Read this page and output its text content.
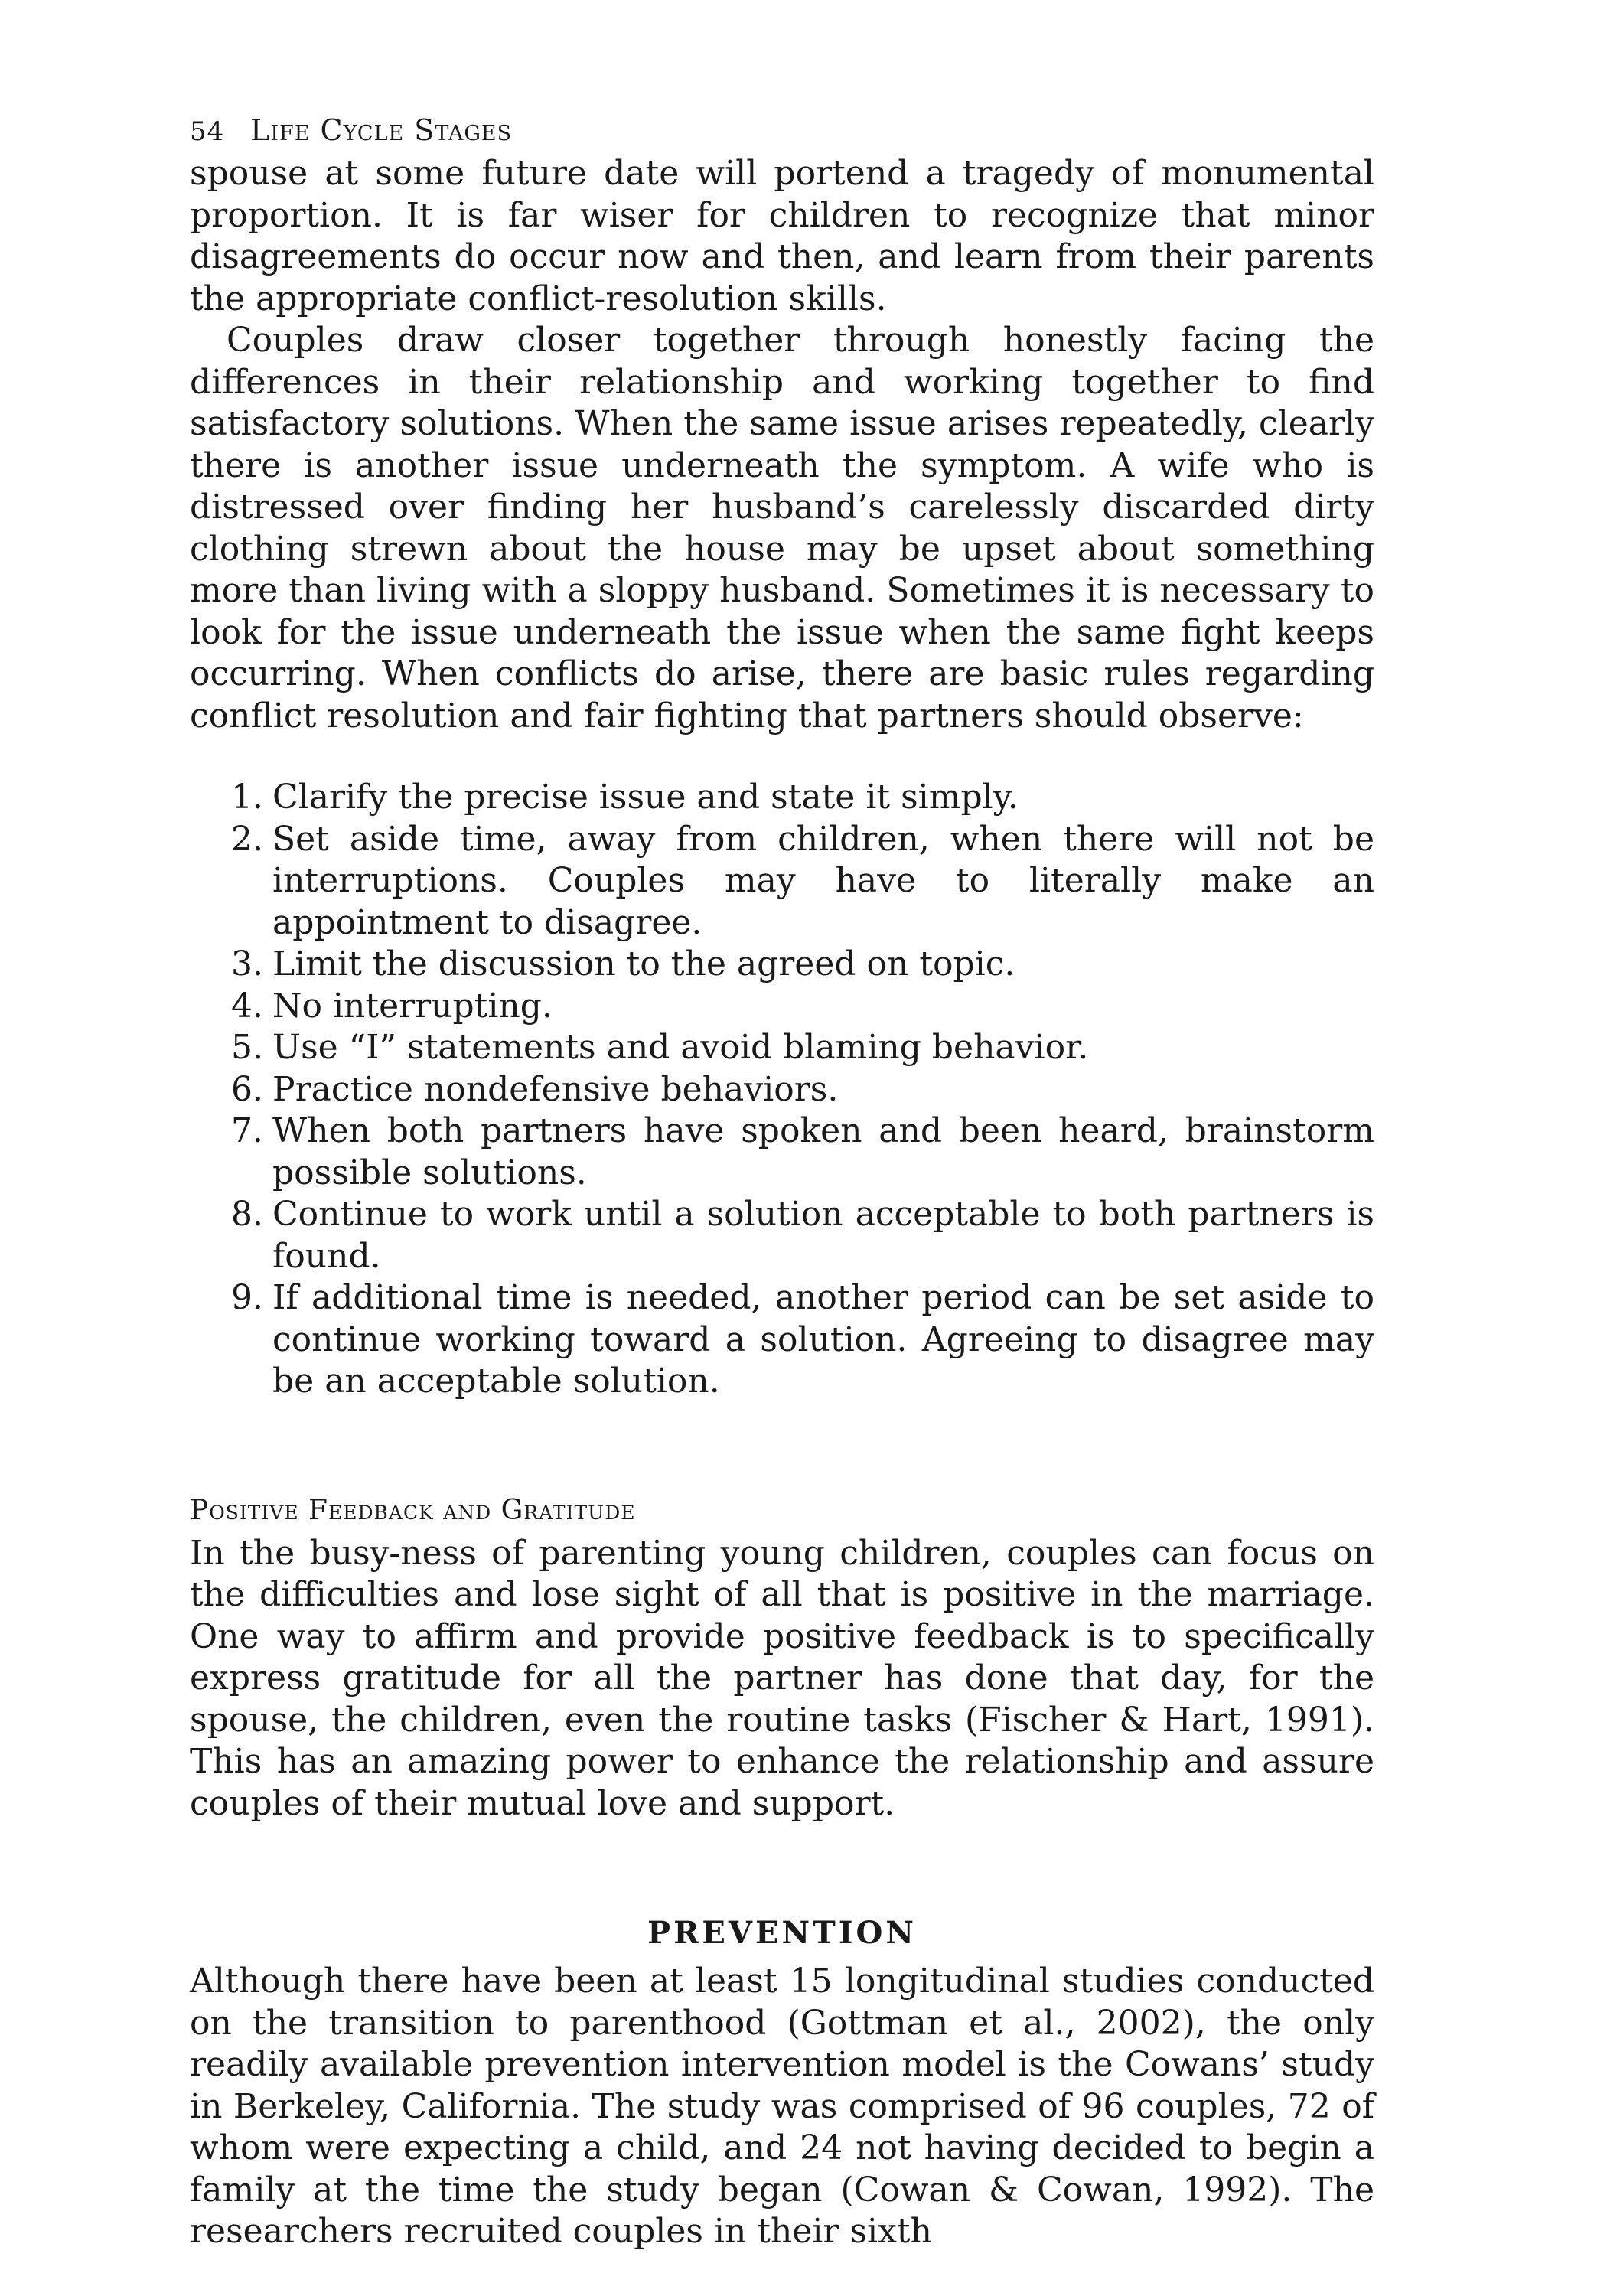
54 Life Cycle Stages

spouse at some future date will portend a tragedy of monumental proportion. It is far wiser for children to recognize that minor disagreements do occur now and then, and learn from their parents the appropriate conflict-resolution skills.

Couples draw closer together through honestly facing the differences in their relationship and working together to find satisfactory solutions. When the same issue arises repeatedly, clearly there is another issue underneath the symptom. A wife who is distressed over finding her husband’s carelessly discarded dirty clothing strewn about the house may be upset about something more than living with a sloppy husband. Sometimes it is necessary to look for the issue underneath the issue when the same fight keeps occurring. When conflicts do arise, there are basic rules regarding conflict resolution and fair fighting that partners should observe:

1. Clarify the precise issue and state it simply.
2. Set aside time, away from children, when there will not be interruptions. Couples may have to literally make an appointment to disagree.
3. Limit the discussion to the agreed on topic.
4. No interrupting.
5. Use “I” statements and avoid blaming behavior.
6. Practice nondefensive behaviors.
7. When both partners have spoken and been heard, brainstorm possible solutions.
8. Continue to work until a solution acceptable to both partners is found.
9. If additional time is needed, another period can be set aside to continue working toward a solution. Agreeing to disagree may be an acceptable solution.
Positive Feedback and Gratitude

In the busy-ness of parenting young children, couples can focus on the difficulties and lose sight of all that is positive in the marriage. One way to affirm and provide positive feedback is to specifically express gratitude for all the partner has done that day, for the spouse, the children, even the routine tasks (Fischer & Hart, 1991). This has an amazing power to enhance the relationship and assure couples of their mutual love and support.

PREVENTION

Although there have been at least 15 longitudinal studies conducted on the transition to parenthood (Gottman et al., 2002), the only readily available prevention intervention model is the Cowans’ study in Berkeley, California. The study was comprised of 96 couples, 72 of whom were expecting a child, and 24 not having decided to begin a family at the time the study began (Cowan & Cowan, 1992). The researchers recruited couples in their sixth
